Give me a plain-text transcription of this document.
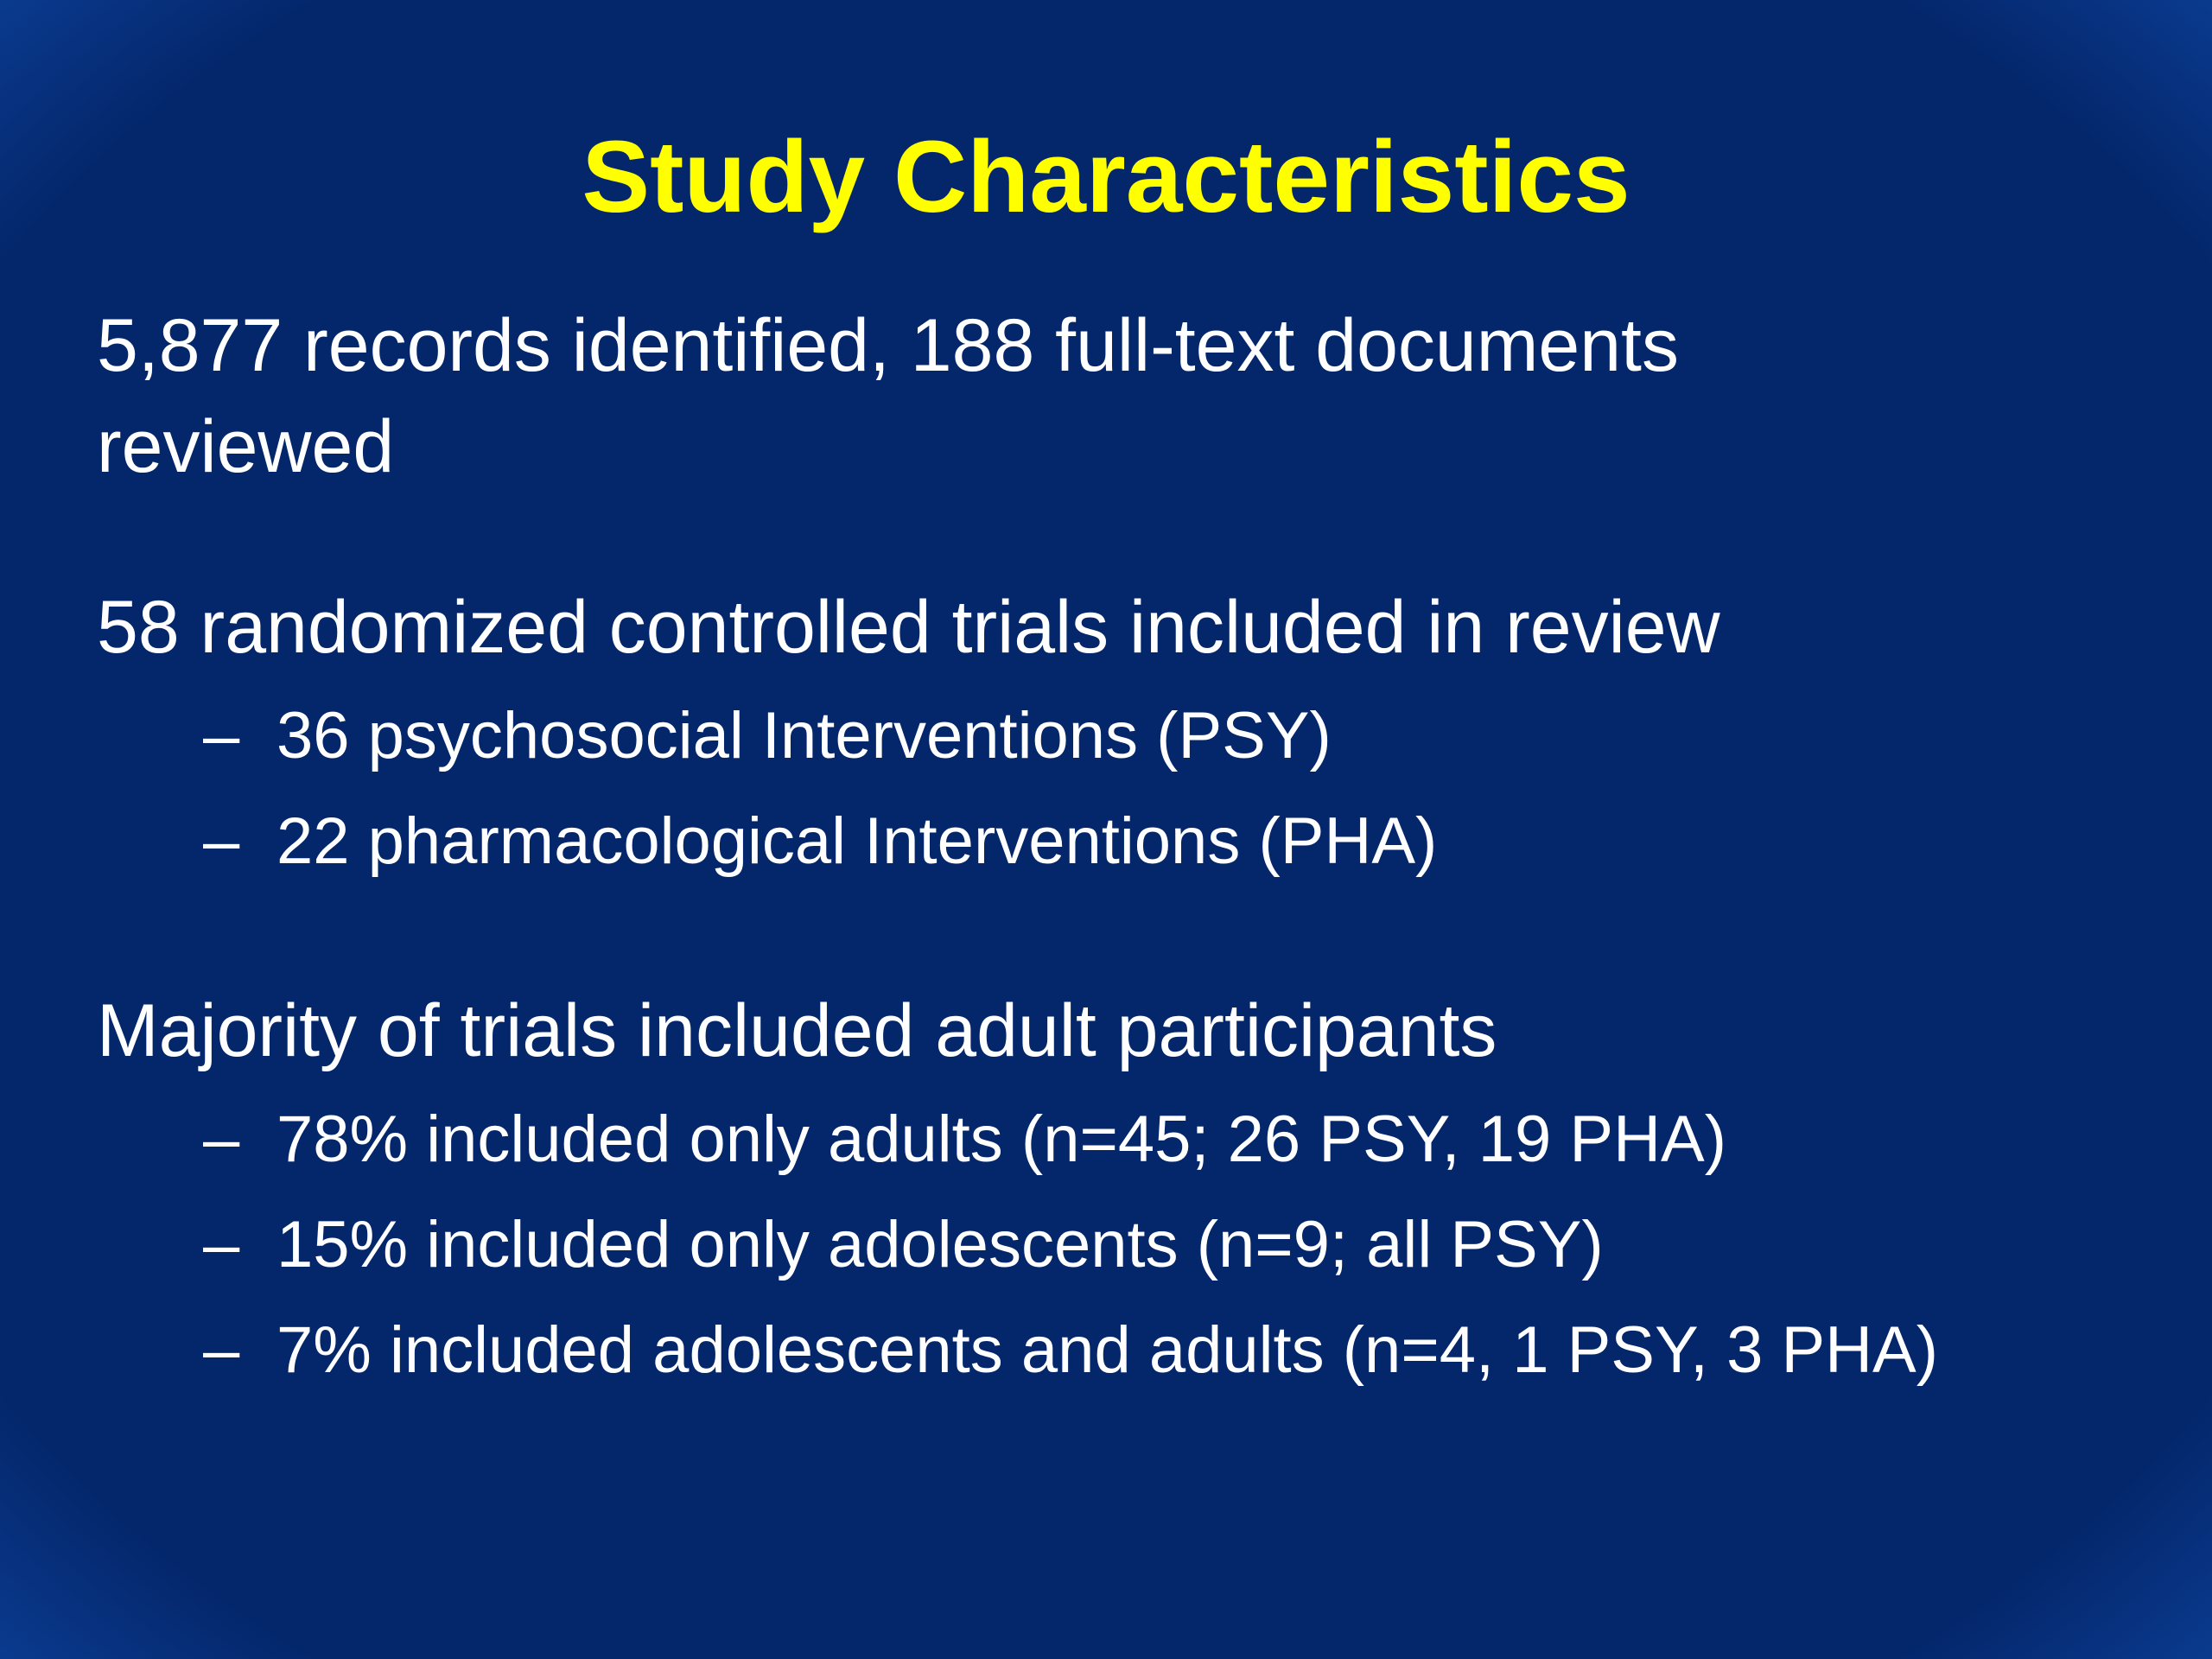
Study Characteristics
5,877 records identified, 188 full-text documents reviewed
58 randomized controlled trials included in review
– 36 psychosocial Interventions (PSY)
– 22 pharmacological Interventions (PHA)
Majority of trials included adult participants
– 78% included only adults (n=45; 26 PSY, 19 PHA)
– 15% included only adolescents (n=9; all PSY)
– 7% included adolescents and adults (n=4, 1 PSY, 3 PHA)
